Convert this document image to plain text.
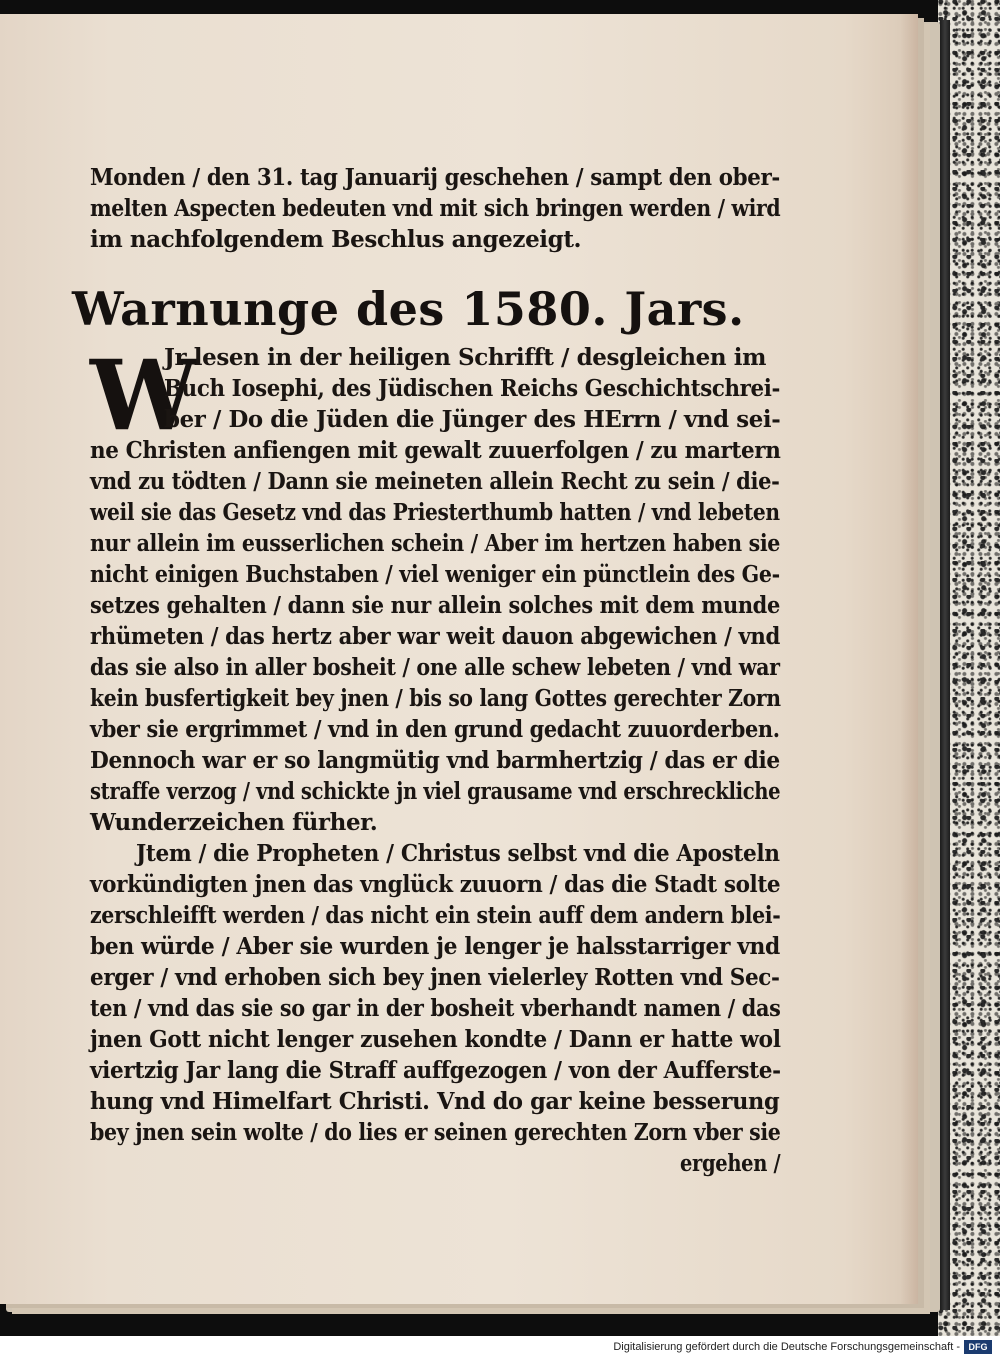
Monden / den 31. tag Januarij geschehen / sampt den ober-
melten Aspecten bedeuten vnd mit sich bringen werden / wird
im nachfolgendem Beschlus angezeigt.
Warnunge des 1580. Jars.
W
Jr lesen in der heiligen Schrifft / desgleichen im
Buch Iosephi, des Jüdischen Reichs Geschichtschrei-
ber / Do die Jüden die Jünger des HErrn / vnd sei-
ne Christen anfiengen mit gewalt zuuerfolgen / zu martern
vnd zu tödten / Dann sie meineten allein Recht zu sein / die-
weil sie das Gesetz vnd das Priesterthumb hatten / vnd lebeten
nur allein im eusserlichen schein / Aber im hertzen haben sie
nicht einigen Buchstaben / viel weniger ein pünctlein des Ge-
setzes gehalten / dann sie nur allein solches mit dem munde
rhümeten / das hertz aber war weit dauon abgewichen / vnd
das sie also in aller bosheit / one alle schew lebeten / vnd war
kein busfertigkeit bey jnen / bis so lang Gottes gerechter Zorn
vber sie ergrimmet / vnd in den grund gedacht zuuorderben.
Dennoch war er so langmütig vnd barmhertzig / das er die
straffe verzog / vnd schickte jn viel grausame vnd erschreckliche
Wunderzeichen fürher.
Jtem / die Propheten / Christus selbst vnd die Aposteln
vorkündigten jnen das vnglück zuuorn / das die Stadt solte
zerschleifft werden / das nicht ein stein auff dem andern blei-
ben würde / Aber sie wurden je lenger je halsstarriger vnd
erger / vnd erhoben sich bey jnen vielerley Rotten vnd Sec-
ten / vnd das sie so gar in der bosheit vberhandt namen / das
jnen Gott nicht lenger zusehen kondte / Dann er hatte wol
viertzig Jar lang die Straff auffgezogen / von der Aufferste-
hung vnd Himelfart Christi. Vnd do gar keine besserung
bey jnen sein wolte / do lies er seinen gerechten Zorn vber sie
ergehen /
Digitalisierung gefördert durch die Deutsche Forschungsgemeinschaft - DFG
